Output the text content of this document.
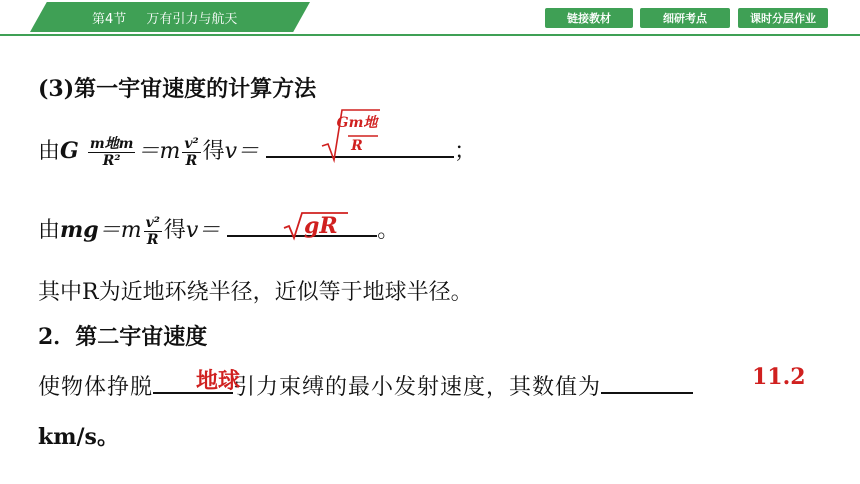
第4节 万有引力与航天	链接教材	细研考点	课时分层作业
(3)第一宇宙速度的计算方法
由G $\frac{\text{m地m}}{\text{R²}} =m \frac{\text{v²}}{R}$ 得v＝	；
Gm地
R
由$mg=m \frac{\text{v²}}{R}$ 得v＝	。
gR
其中R为近地环绕半径，近似等于地球半径。
2．第二宇宙速度
使物体挣脱	引力束缚的最小发射速度，其数值为
地球	11.2
km/s。
